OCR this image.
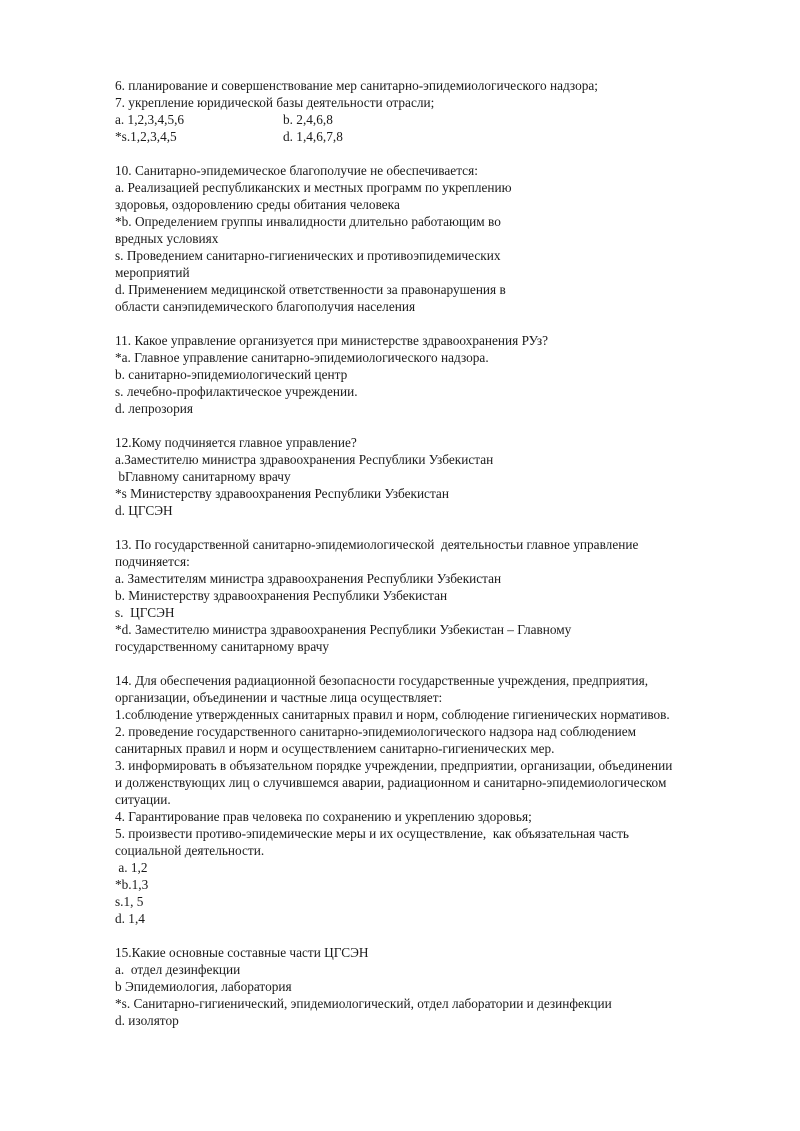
6. планирование и совершенствование мер санитарно-эпидемиологического надзора;
7. укрепление юридической базы деятельности отрасли;
a. 1,2,3,4,5,6	b. 2,4,6,8
*s.1,2,3,4,5	d. 1,4,6,7,8
10. Санитарно-эпидемическое благополучие не обеспечивается:
a. Реализацией республиканских и местных программ по укреплению
здоровья, оздоровлению среды обитания человека
*b. Определением группы инвалидности длительно работающим во
вредных условиях
s. Проведением санитарно-гигиенических и противоэпидемических
мероприятий
d. Применением медицинской ответственности за правонарушения в
области санэпидемического благополучия населения
11. Какое управление организуется при министерстве здравоохранения РУз?
*a. Главное управление санитарно-эпидемиологического надзора.
b. санитарно-эпидемиологический центр
s. лечебно-профилактическое учреждении.
d. лепрозория
12.Кому подчиняется главное управление?
a.Заместителю министра здравоохранения Республики Узбекистан
bГлавному санитарному врачу
*s Министерству здравоохранения Республики Узбекистан
d. ЦГСЭН
13. По государственной санитарно-эпидемиологической  деятельностьи главное управление
подчиняется:
a. Заместителям министра здравоохранения Республики Узбекистан
b. Министерству здравоохранения Республики Узбекистан
s.  ЦГСЭН
*d. Заместителю министра здравоохранения Республики Узбекистан – Главному
государственному санитарному врачу
14. Для обеспечения радиационной безопасности государственные учреждения, предприятия,
организации, объединении и частные лица осуществляет:
1.соблюдение утвержденных санитарных правил и норм, соблюдение гигиенических нормативов.
2. проведение государственного санитарно-эпидемиологического надзора над соблюдением
санитарных правил и норм и осуществлением санитарно-гигиенических мер.
3. информировать в объязательном порядке учреждении, предприятии, организации, объединении
и долженствующих лиц о случившемся аварии, радиационном и санитарно-эпидемиологическом
ситуации.
4. Гарантирование прав человека по сохранению и укреплению здоровья;
5. произвести противо-эпидемические меры и их осуществление,  как объязательная часть
социальной деятельности.
a. 1,2
*b.1,3
s.1, 5
d. 1,4
15.Какие основные составные части ЦГСЭН
a.  отдел дезинфекции
b Эпидемиология, лаборатория
*s. Санитарно-гигиенический, эпидемиологический, отдел лаборатории и дезинфекции
d. изолятор
